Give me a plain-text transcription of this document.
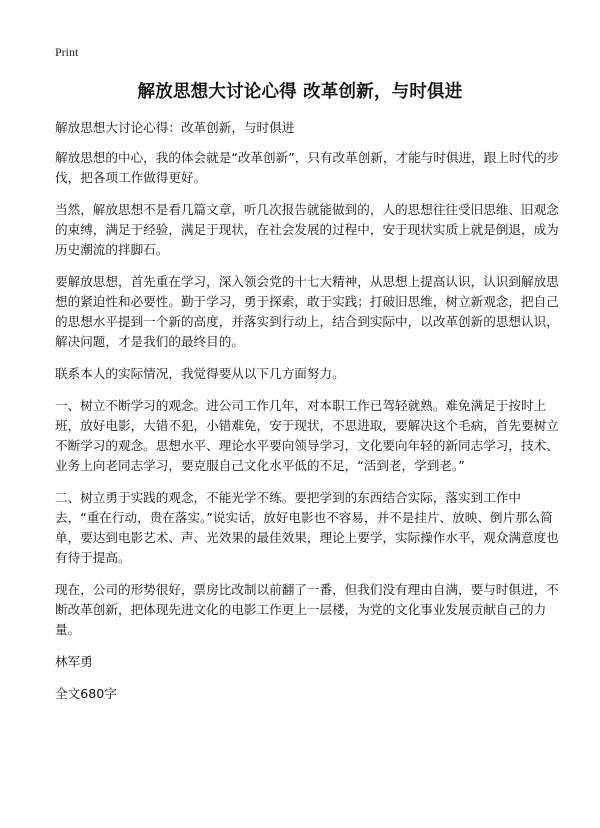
Print
解放思想大讨论心得 改革创新，与时俱进

解放思想大讨论心得：改革创新，与时俱进

解放思想的中心，我的体会就是“改革创新”，只有改革创新，才能与时俱进，跟上时代的步伐，把各项工作做得更好。

当然，解放思想不是看几篇文章，听几次报告就能做到的，人的思想往往受旧思维、旧观念的束缚，满足于经验，满足于现状，在社会发展的过程中，安于现状实质上就是倒退，成为历史潮流的拌脚石。

要解放思想，首先重在学习，深入领会党的十七大精神，从思想上提高认识，认识到解放思想的紧迫性和必要性。勤于学习，勇于探索，敢于实践；打破旧思维，树立新观念，把自己的思想水平提到一个新的高度，并落实到行动上，结合到实际中，以改革创新的思想认识，解决问题，才是我们的最终目的。

联系本人的实际情况，我觉得要从以下几方面努力。

一、树立不断学习的观念。进公司工作几年，对本职工作已驾轻就熟。难免满足于按时上班，放好电影，大错不犯，小错难免，安于现状，不思进取，要解决这个毛病，首先要树立不断学习的观念。思想水平、理论水平要向领导学习，文化要向年轻的新同志学习，技术、业务上向老同志学习，要克服自己文化水平低的不足，“活到老，学到老。”

二、树立勇于实践的观念，不能光学不练。要把学到的东西结合实际，落实到工作中去，“重在行动，贵在落实。”说实话，放好电影也不容易，并不是挂片、放映、倒片那么简单，要达到电影艺术、声、光效果的最佳效果，理论上要学，实际操作水平，观众满意度也有待于提高。

现在，公司的形势很好，票房比改制以前翻了一番，但我们没有理由自满，要与时俱进，不断改革创新，把体现先进文化的电影工作更上一层楼，为党的文化事业发展贡献自己的力量。

林军勇

全文680字
